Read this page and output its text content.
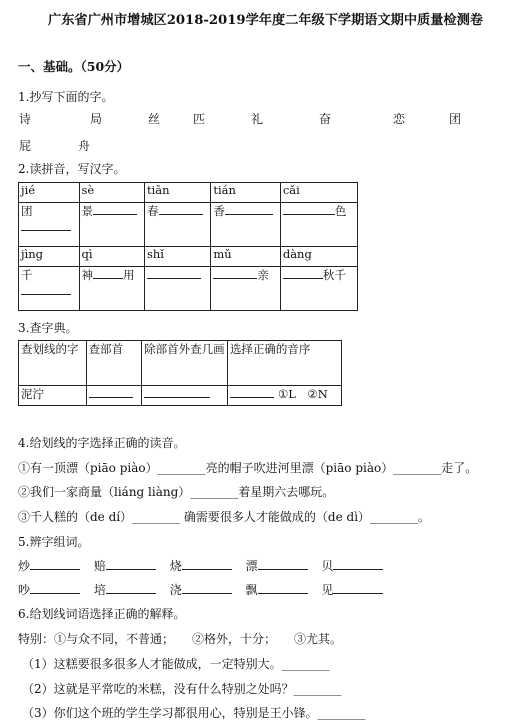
广东省广州市增城区2018-2019学年度二年级下学期语文期中质量检测卷
一、基础。（50分）
1.抄写下面的字。
诗	局	丝	匹	礼	奋	恋	团
屁	舟
2.读拼音，写汉字。
jié	sè	tiān	tián	cǎi
团	景	春	香	色
jìng	qì	shǐ	mǔ	dàng
千	神 用		亲	秋千
3.查字典。
查划线的字	查部首	除部首外查几画	选择正确的音序
泥泞			①L　②N
4.给划线的字选择正确的读音。
①有一顶漂（piāo piào）________亮的帽子吹进河里漂（piāo piào）________走了。
②我们一家商量（liáng liàng）________着星期六去哪玩。
③千人糕的（de dí）________ 确需要很多人才能做成的（de dì）________。
5.辨字组词。
炒	赔	烧	漂	贝
吵	培	浇	飘	见
6.给划线词语选择正确的解释。
特别：①与众不同，不普通；　　②格外，十分；　　③尤其。
（1）这糕要很多很多人才能做成，一定特别大。________
（2）这就是平常吃的米糕，没有什么特别之处吗？________
（3）你们这个班的学生学习都很用心，特别是王小锋。________
